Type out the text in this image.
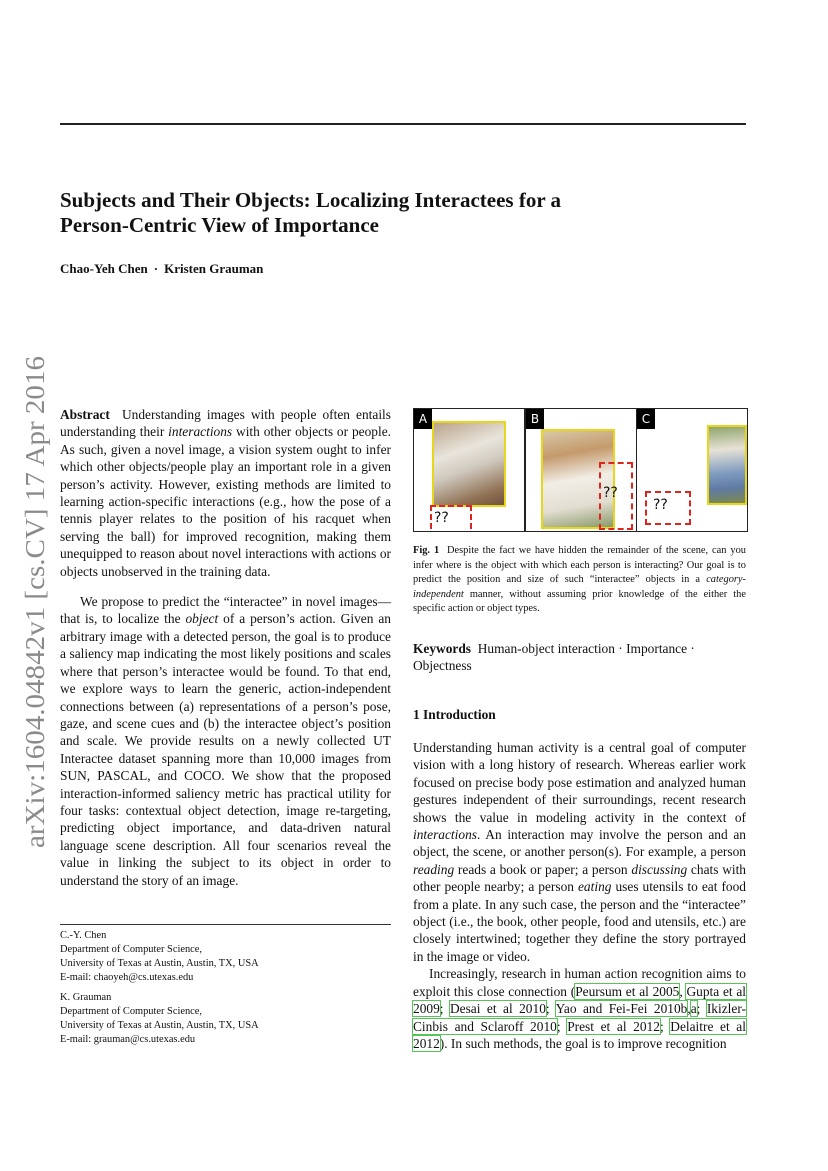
Subjects and Their Objects: Localizing Interactees for a
Person-Centric View of Importance
Chao-Yeh Chen · Kristen Grauman
arXiv:1604.04842v1 [cs.CV] 17 Apr 2016 Abstract Understanding images with people often entails understanding their interactions with other objects or people. As such, given a novel image, a vision system ought to infer which other objects/people play an important role in a given person’s activity. However, existing methods are limited to learning action-specific interactions (e.g., how the pose of a tennis player relates to the position of his racquet when serving the ball) for improved recognition, making them unequipped to reason about novel interactions with actions or objects unobserved in the training data.

We propose to predict the “interactee” in novel images—that is, to localize the object of a person’s action. Given an arbitrary image with a detected person, the goal is to produce a saliency map indicating the most likely positions and scales where that person’s interactee would be found. To that end, we explore ways to learn the generic, action-independent connections between (a) representations of a person’s pose, gaze, and scene cues and (b) the interactee object’s position and scale. We provide results on a newly collected UT Interactee dataset spanning more than 10,000 images from SUN, PASCAL, and COCO. We show that the proposed interaction-informed saliency metric has practical utility for four tasks: contextual object detection, image re-targeting, predicting object importance, and data-driven natural language scene description. All four scenarios reveal the value in linking the subject to its object in order to understand the story of an image.

A
??
B
??
C
??
Fig. 1 Despite the fact we have hidden the remainder of the scene, can you infer where is the object with which each person is interacting? Our goal is to predict the position and size of such “interactee” objects in a category-independent manner, without assuming prior knowledge of the either the specific action or object types.

Keywords Human-object interaction · Importance · Objectness

1 Introduction

Understanding human activity is a central goal of computer vision with a long history of research. Whereas earlier work focused on precise body pose estimation and analyzed human gestures independent of their surroundings, recent research shows the value in modeling activity in the context of interactions. An interaction may involve the person and an object, the scene, or another person(s). For example, a person reading reads a book or paper; a person discussing chats with other people nearby; a person eating uses utensils to eat food from a plate. In any such case, the person and the “interactee” object (i.e., the book, other people, food and utensils, etc.) are closely intertwined; together they define the story portrayed in the image or video.

Increasingly, research in human action recognition aims to exploit this close connection (Peursum et al 2005, Gupta et al 2009; Desai et al 2010; Yao and Fei-Fei 2010b,a; Ikizler-Cinbis and Sclaroff 2010; Prest et al 2012; Delaitre et al 2012). In such methods, the goal is to improve recognition

C.-Y. Chen
Department of Computer Science,
University of Texas at Austin, Austin, TX, USA
E-mail: chaoyeh@cs.utexas.edu
K. Grauman
Department of Computer Science,
University of Texas at Austin, Austin, TX, USA
E-mail: grauman@cs.utexas.edu
